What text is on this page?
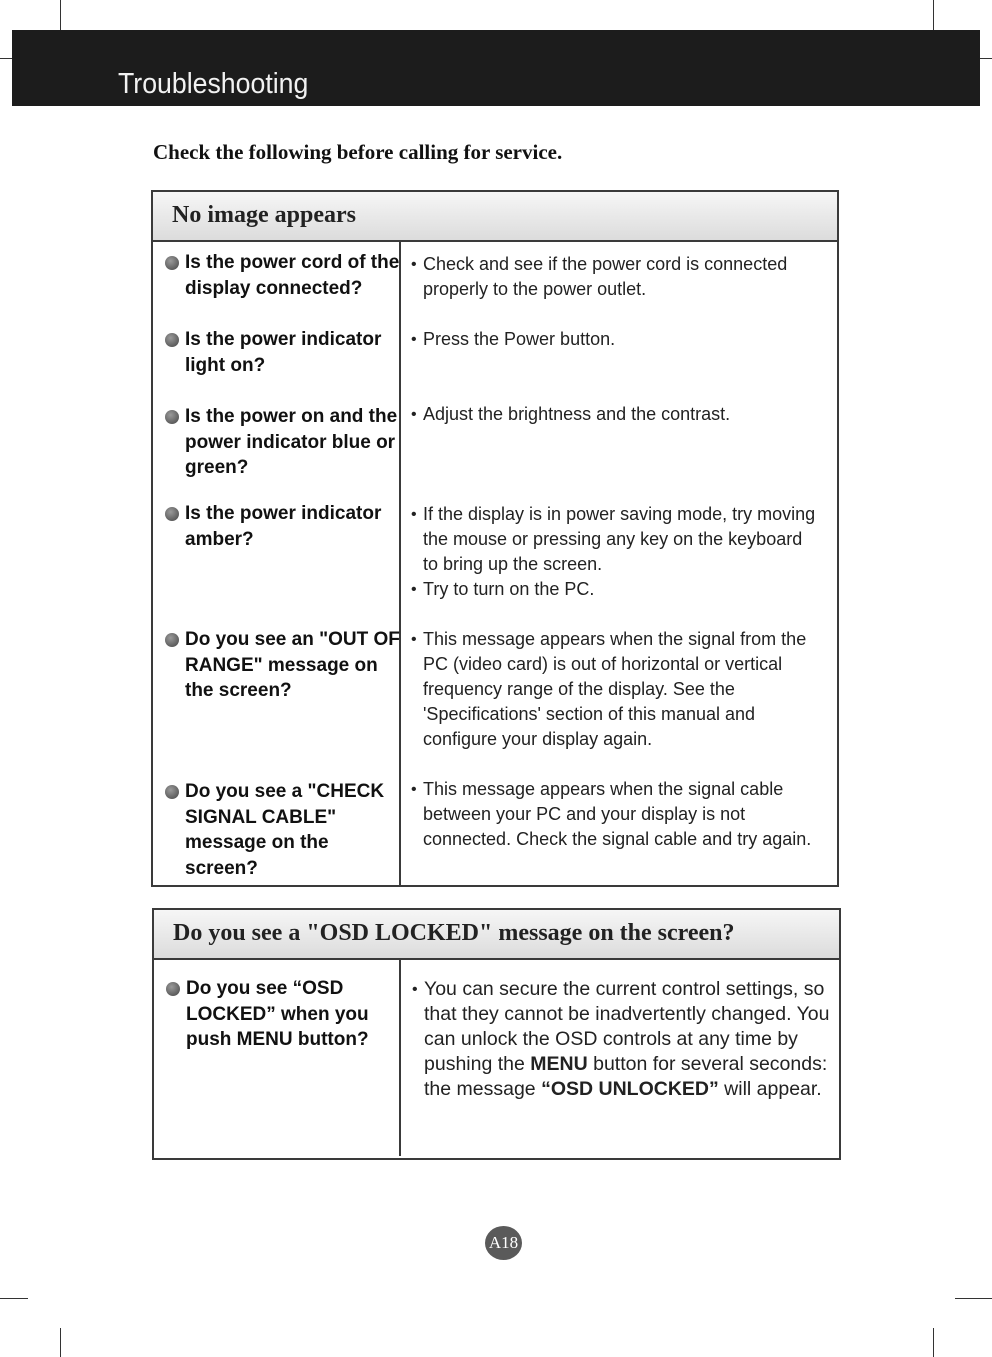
Troubleshooting
Check the following before calling for service.
No image appears
Is the power cord of the display connected?
• Check and see if the power cord is connected properly to the power outlet.
Is the power indicator light on?
• Press the Power button.
Is the power on and the power indicator blue or green?
• Adjust the brightness and the contrast.
Is the power indicator amber?
• If the display is in power saving mode, try moving the mouse or pressing any key on the keyboard to bring up the screen.
• Try to turn on the PC.
Do you see an "OUT OF RANGE" message on the screen?
• This message appears when the signal from the PC (video card) is out of horizontal or vertical frequency range of the display. See the 'Specifications' section of this manual and configure your display again.
Do you see a "CHECK SIGNAL CABLE" message on the screen?
• This message appears when the signal cable between your PC and your display is not connected. Check the signal cable and try again.
Do you see a "OSD LOCKED" message on the screen?
Do you see “OSD LOCKED” when you push MENU button?
• You can secure the current control settings, so that they cannot be inadvertently changed. You can unlock the OSD controls at any time by pushing the MENU button for several seconds: the message “OSD UNLOCKED” will appear.
A18
